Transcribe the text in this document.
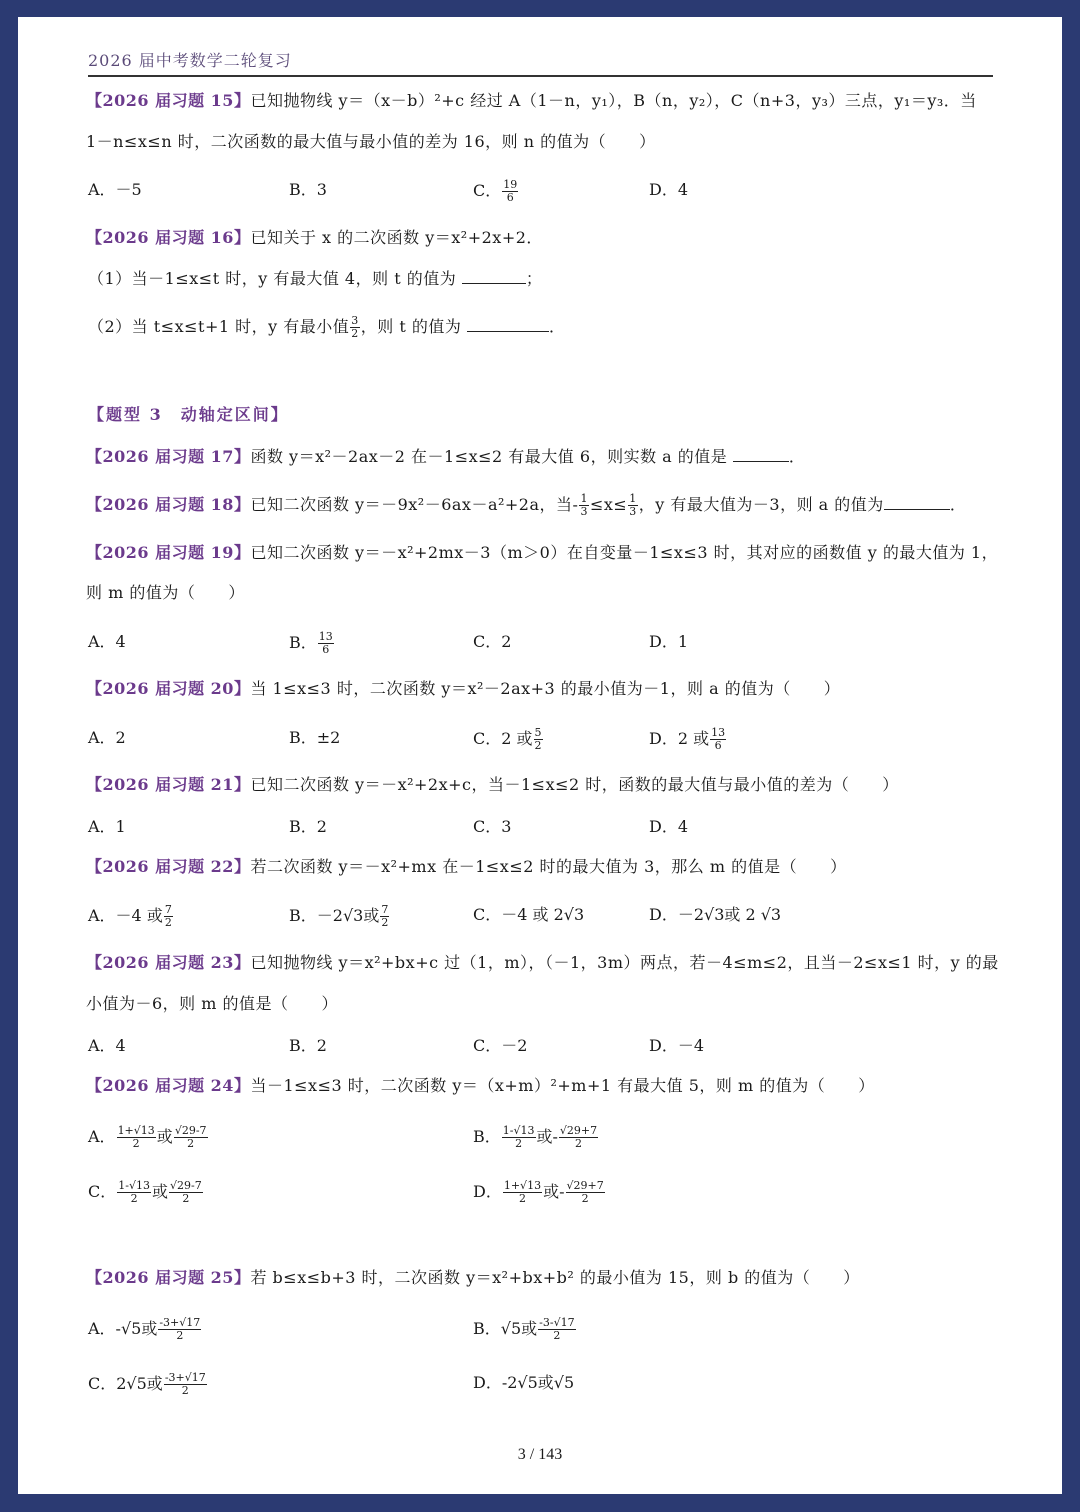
2026 届中考数学二轮复习
【2026 届习题 15】已知抛物线 y＝（x－b）²+c 经过 A（1－n，y₁），B（n，y₂），C（n+3，y₃）三点，y₁＝y₃．当
1－n≤x≤n 时，二次函数的最大值与最小值的差为 16，则 n 的值为（　　）
A．－5	B．3	C． $\frac{19}{6}$	D．4
【2026 届习题 16】已知关于 x 的二次函数 y＝x²+2x+2．
（1）当－1≤x≤t 时，y 有最大值 4，则 t 的值为	；
（2）当 t≤x≤t+1 时，y 有最小值 $\frac{3}{2}$ ，则 t 的值为	．
【题型 3　动轴定区间】
【2026 届习题 17】函数 y＝x²－2ax－2 在－1≤x≤2 有最大值 6，则实数 a 的值是	．
【2026 届习题 18】已知二次函数 y＝－9x²－6ax－a²+2a，当- $\frac{1}{3} \le x\le \frac{1}{3}$ ，y 有最大值为－3，则 a 的值为	．
【2026 届习题 19】已知二次函数 y＝－x²+2mx－3（m＞0）在自变量－1≤x≤3 时，其对应的函数值 y 的最大值为 1，
则 m 的值为（　　）
A．4	B． $\frac{13}{6}$	C．2	D．1
【2026 届习题 20】当 1≤x≤3 时，二次函数 y＝x²－2ax+3 的最小值为－1，则 a 的值为（　　）
A．2	B．±2	C．2 或 $\frac{5}{2}$	D．2 或 $\frac{13}{6}$
【2026 届习题 21】已知二次函数 y＝－x²+2x+c，当－1≤x≤2 时，函数的最大值与最小值的差为（　　）
A．1	B．2	C．3	D．4
【2026 届习题 22】若二次函数 y＝－x²+mx 在－1≤x≤2 时的最大值为 3，那么 m 的值是（　　）
A．－4 或 $\frac{7}{2}$	B．－2√3或 $\frac{7}{2}$	C．－4 或 2√3	D．－2√3或 2 √3
【2026 届习题 23】已知抛物线 y＝x²+bx+c 过（1，m），（－1，3m）两点，若－4≤m≤2，且当－2≤x≤1 时，y 的最
小值为－6，则 m 的值是（　　）
A．4	B．2	C．－2	D．－4
【2026 届习题 24】当－1≤x≤3 时，二次函数 y＝（x+m）²+m+1 有最大值 5，则 m 的值为（　　）
A． $\frac{1+√13}{2}$ 或 $\frac{√29-7}{2}$	B． $\frac{1-√13}{2}$ 或- $\frac{√29+7}{2}$
C． $\frac{1-√13}{2}$ 或 $\frac{√29-7}{2}$	D． $\frac{1+√13}{2}$ 或- $\frac{√29+7}{2}$
【2026 届习题 25】若 b≤x≤b+3 时，二次函数 y＝x²+bx+b² 的最小值为 15，则 b 的值为（　　）
A．-√5或 $\frac{-3+√17}{2}$	B．√5或 $\frac{-3-√17}{2}$
C．2√5或 $\frac{-3+√17}{2}$	D．-2√5或√5
3 / 143
